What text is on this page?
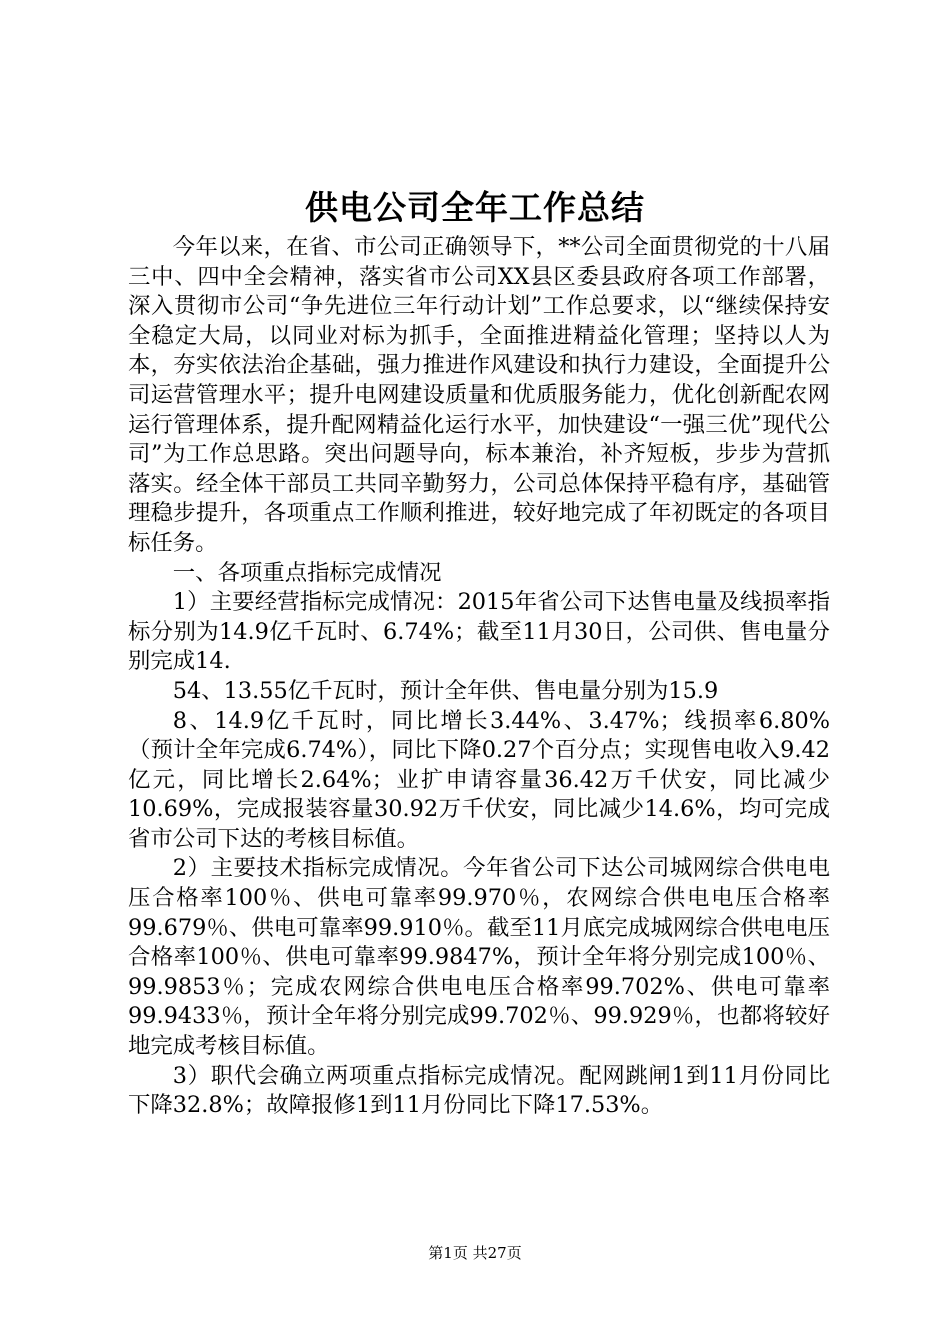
供电公司全年工作总结

今年以来，在省、市公司正确领导下，**公司全面贯彻党的十八届三中、四中全会精神，落实省市公司XX县区委县政府各项工作部署，深入贯彻市公司“争先进位三年行动计划”工作总要求，以“继续保持安全稳定大局，以同业对标为抓手，全面推进精益化管理；坚持以人为本，夯实依法治企基础，强力推进作风建设和执行力建设，全面提升公司运营管理水平；提升电网建设质量和优质服务能力，优化创新配农网运行管理体系，提升配网精益化运行水平，加快建设“一强三优”现代公司”为工作总思路。突出问题导向，标本兼治，补齐短板，步步为营抓落实。经全体干部员工共同辛勤努力，公司总体保持平稳有序，基础管理稳步提升，各项重点工作顺利推进，较好地完成了年初既定的各项目标任务。

一、各项重点指标完成情况

1）主要经营指标完成情况：2015年省公司下达售电量及线损率指标分别为14.9亿千瓦时、6.74%；截至11月30日，公司供、售电量分别完成14.

54、13.55亿千瓦时，预计全年供、售电量分别为15.9

8、14.9亿千瓦时，同比增长3.44%、3.47%；线损率6.80%（预计全年完成6.74%），同比下降0.27个百分点；实现售电收入9.42亿元，同比增长2.64%；业扩申请容量36.42万千伏安，同比减少10.69%，完成报装容量30.92万千伏安，同比减少14.6%，均可完成省市公司下达的考核目标值。

2）主要技术指标完成情况。今年省公司下达公司城网综合供电电压合格率100％、供电可靠率99.970％，农网综合供电电压合格率99.679％、供电可靠率99.910％。截至11月底完成城网综合供电电压合格率100％、供电可靠率99.9847%，预计全年将分别完成100％、99.9853％；完成农网综合供电电压合格率99.702%、供电可靠率99.9433％，预计全年将分别完成99.702％、99.929％，也都将较好地完成考核目标值。

3）职代会确立两项重点指标完成情况。配网跳闸1到11月份同比下降32.8%；故障报修1到11月份同比下降17.53%。

第1页 共27页
